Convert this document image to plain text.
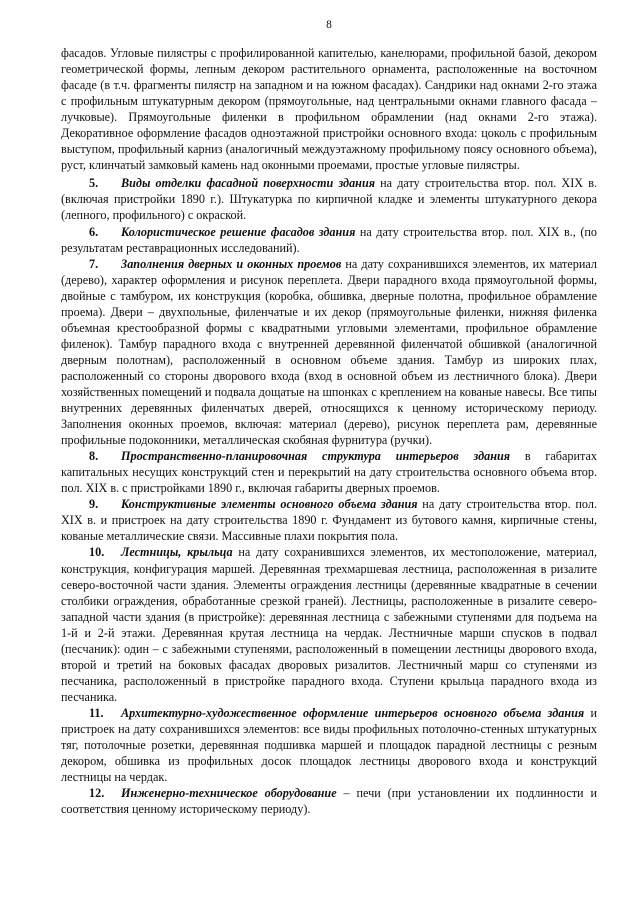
8

фасадов. Угловые пилястры с профилированной капителью, канелюрами, профильной базой, декором геометрической формы, лепным декором растительного орнамента, расположенные на восточном фасаде (в т.ч. фрагменты пилястр на западном и на южном фасадах). Сандрики над окнами 2-го этажа с профильным штукатурным декором (прямоугольные, над центральными окнами главного фасада – лучковые). Прямоугольные филенки в профильном обрамлении (над окнами 2-го этажа). Декоративное оформление фасадов одноэтажной пристройки основного входа: цоколь с профильным выступом, профильный карниз (аналогичный междуэтажному профильному поясу основного объема), руст, клинчатый замковый камень над оконными проемами, простые угловые пилястры.

5. Виды отделки фасадной поверхности здания на дату строительства втор. пол. XIX в. (включая пристройки 1890 г.). Штукатурка по кирпичной кладке и элементы штукатурного декора (лепного, профильного) с окраской.

6. Колористическое решение фасадов здания на дату строительства втор. пол. XIX в., (по результатам реставрационных исследований).

7. Заполнения дверных и оконных проемов на дату сохранившихся элементов, их материал (дерево), характер оформления и рисунок переплета. Двери парадного входа прямоугольной формы, двойные с тамбуром, их конструкция (коробка, обшивка, дверные полотна, профильное обрамление проема). Двери – двухпольные, филенчатые и их декор (прямоугольные филенки, нижняя филенка объемная крестообразной формы с квадратными угловыми элементами, профильное обрамление филенок). Тамбур парадного входа с внутренней деревянной филенчатой обшивкой (аналогичной дверным полотнам), расположенный в основном объеме здания. Тамбур из широких плах, расположенный со стороны дворового входа (вход в основной объем из лестничного блока). Двери хозяйственных помещений и подвала дощатые на шпонках с креплением на кованые навесы. Все типы внутренних деревянных филенчатых дверей, относящихся к ценному историческому периоду. Заполнения оконных проемов, включая: материал (дерево), рисунок переплета рам, деревянные профильные подоконники, металлическая скобяная фурнитура (ручки).

8. Пространственно-планировочная структура интерьеров здания в габаритах капитальных несущих конструкций стен и перекрытий на дату строительства основного объема втор. пол. XIX в. с пристройками 1890 г., включая габариты дверных проемов.

9. Конструктивные элементы основного объема здания на дату строительства втор. пол. XIX в. и пристроек на дату строительства 1890 г. Фундамент из бутового камня, кирпичные стены, кованые металлические связи. Массивные плахи покрытия пола.

10. Лестницы, крыльца на дату сохранившихся элементов, их местоположение, материал, конструкция, конфигурация маршей. Деревянная трехмаршевая лестница, расположенная в ризалите северо-восточной части здания. Элементы ограждения лестницы (деревянные квадратные в сечении столбики ограждения, обработанные срезкой граней). Лестницы, расположенные в ризалите северо-западной части здания (в пристройке): деревянная лестница с забежными ступенями для подъема на 1-й и 2-й этажи. Деревянная крутая лестница на чердак. Лестничные марши спусков в подвал (песчаник): один – с забежными ступенями, расположенный в помещении лестницы дворового входа, второй и третий на боковых фасадах дворовых ризалитов. Лестничный марш со ступенями из песчаника, расположенный в пристройке парадного входа. Ступени крыльца парадного входа из песчаника.

11. Архитектурно-художественное оформление интерьеров основного объема здания и пристроек на дату сохранившихся элементов: все виды профильных потолочно-стенных штукатурных тяг, потолочные розетки, деревянная подшивка маршей и площадок парадной лестницы с резным декором, обшивка из профильных досок площадок лестницы дворового входа и конструкций лестницы на чердак.

12. Инженерно-техническое оборудование – печи (при установлении их подлинности и соответствия ценному историческому периоду).
